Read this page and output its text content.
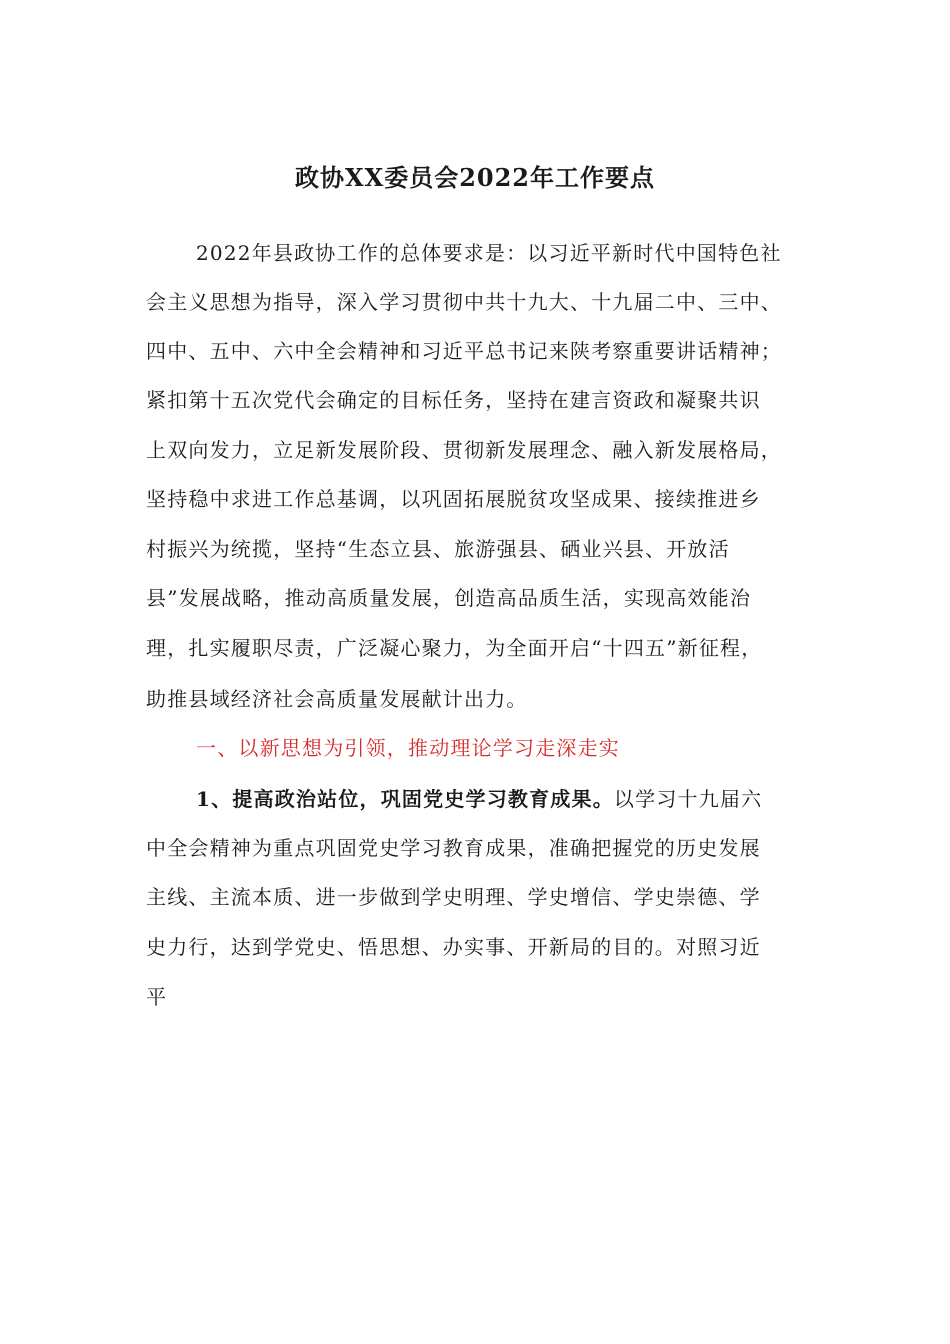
政协XX委员会2022年工作要点
2022年县政协工作的总体要求是：以习近平新时代中国特色社
会主义思想为指导，深入学习贯彻中共十九大、十九届二中、三中、
四中、五中、六中全会精神和习近平总书记来陕考察重要讲话精神；
紧扣第十五次党代会确定的目标任务，坚持在建言资政和凝聚共识
上双向发力，立足新发展阶段、贯彻新发展理念、融入新发展格局，
坚持稳中求进工作总基调，以巩固拓展脱贫攻坚成果、接续推进乡
村振兴为统揽，坚持“生态立县、旅游强县、硒业兴县、开放活
县”发展战略，推动高质量发展，创造高品质生活，实现高效能治
理，扎实履职尽责，广泛凝心聚力，为全面开启“十四五”新征程，
助推县域经济社会高质量发展献计出力。
一、以新思想为引领，推动理论学习走深走实
1、提高政治站位，巩固党史学习教育成果。以学习十九届六
中全会精神为重点巩固党史学习教育成果，准确把握党的历史发展
主线、主流本质、进一步做到学史明理、学史增信、学史崇德、学
史力行，达到学党史、悟思想、办实事、开新局的目的。对照习近
平
